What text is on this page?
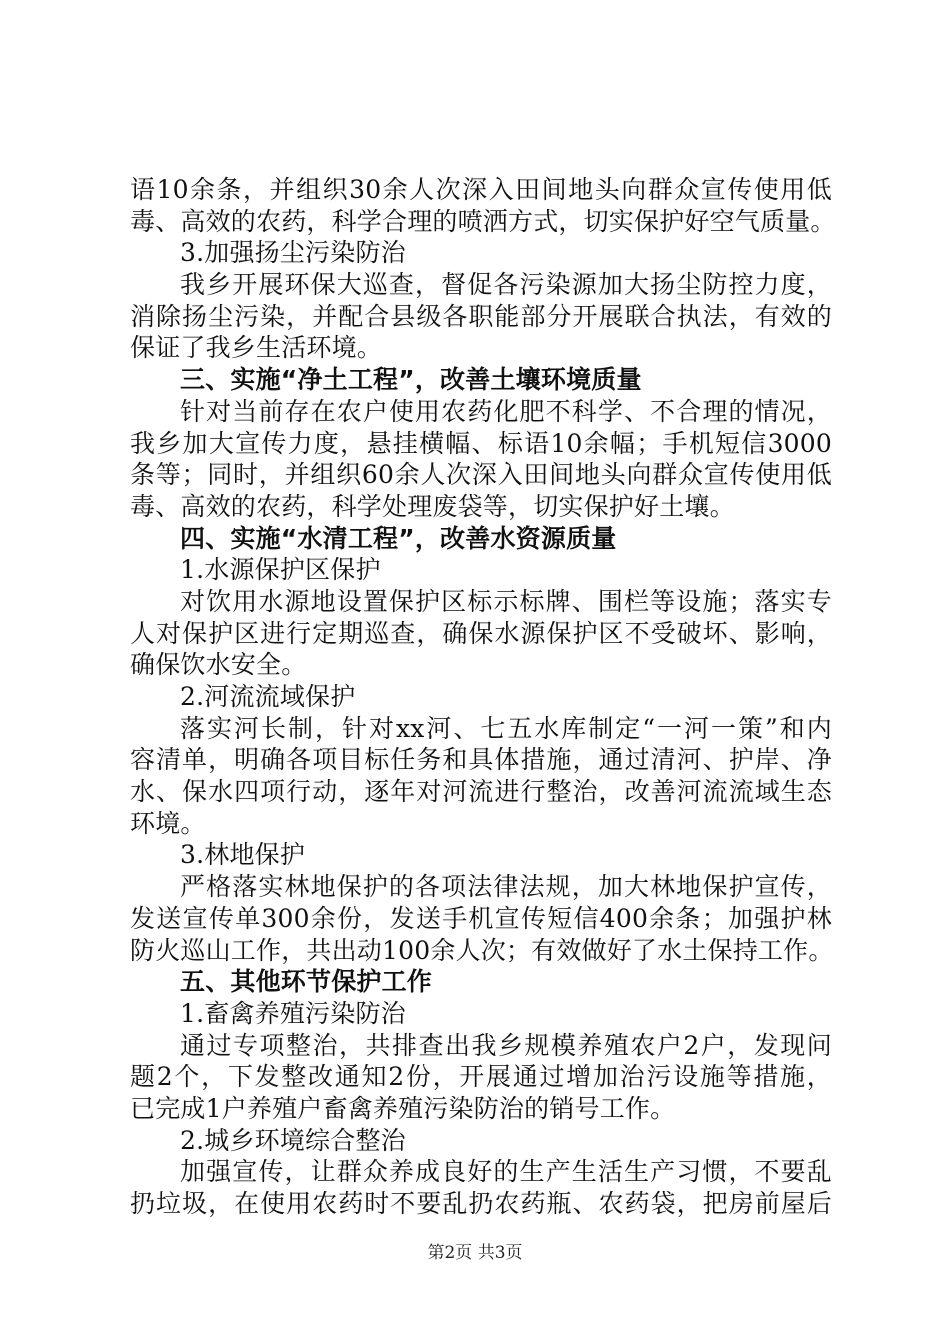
语10余条，并组织30余人次深入田间地头向群众宣传使用低
毒、高效的农药，科学合理的喷洒方式，切实保护好空气质量。
3.加强扬尘污染防治
我乡开展环保大巡查，督促各污染源加大扬尘防控力度，
消除扬尘污染，并配合县级各职能部分开展联合执法，有效的
保证了我乡生活环境。
三、实施“净土工程”，改善土壤环境质量
针对当前存在农户使用农药化肥不科学、不合理的情况，
我乡加大宣传力度，悬挂横幅、标语10余幅；手机短信3000
条等；同时，并组织60余人次深入田间地头向群众宣传使用低
毒、高效的农药，科学处理废袋等，切实保护好土壤。
四、实施“水清工程”，改善水资源质量
1.水源保护区保护
对饮用水源地设置保护区标示标牌、围栏等设施；落实专
人对保护区进行定期巡查，确保水源保护区不受破坏、影响，
确保饮水安全。
2.河流流域保护
落实河长制，针对xx河、七五水库制定“一河一策”和内
容清单，明确各项目标任务和具体措施，通过清河、护岸、净
水、保水四项行动，逐年对河流进行整治，改善河流流域生态
环境。
3.林地保护
严格落实林地保护的各项法律法规，加大林地保护宣传，
发送宣传单300余份，发送手机宣传短信400余条；加强护林
防火巡山工作，共出动100余人次；有效做好了水土保持工作。
五、其他环节保护工作
1.畜禽养殖污染防治
通过专项整治，共排查出我乡规模养殖农户2户，发现问
题2个，下发整改通知2份，开展通过增加治污设施等措施，
已完成1户养殖户畜禽养殖污染防治的销号工作。
2.城乡环境综合整治
加强宣传，让群众养成良好的生产生活生产习惯，不要乱
扔垃圾，在使用农药时不要乱扔农药瓶、农药袋，把房前屋后
第2页 共3页
